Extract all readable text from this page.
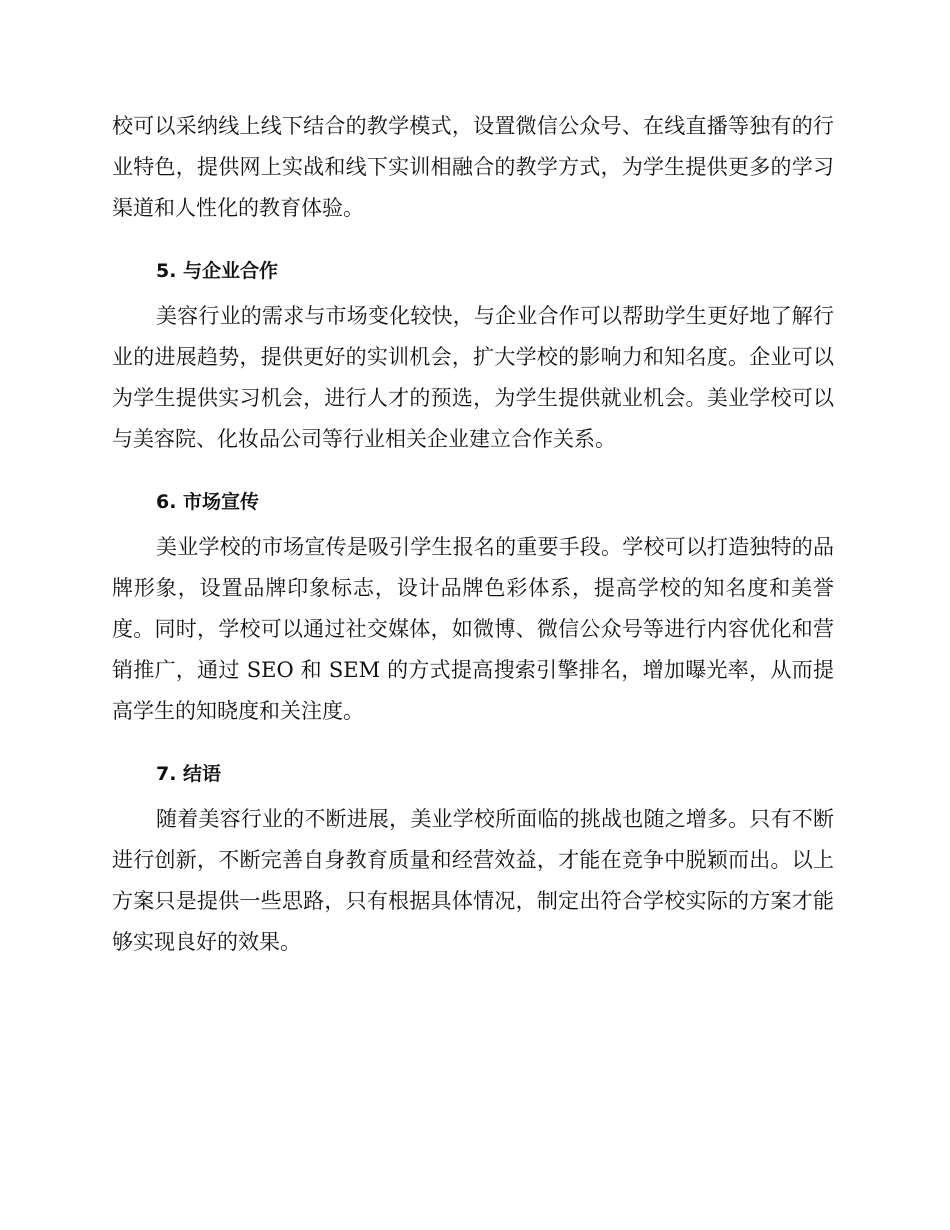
校可以采纳线上线下结合的教学模式，设置微信公众号、在线直播等独有的行业特色，提供网上实战和线下实训相融合的教学方式，为学生提供更多的学习渠道和人性化的教育体验。

5. 与企业合作

美容行业的需求与市场变化较快，与企业合作可以帮助学生更好地了解行业的进展趋势，提供更好的实训机会，扩大学校的影响力和知名度。企业可以为学生提供实习机会，进行人才的预选，为学生提供就业机会。美业学校可以与美容院、化妆品公司等行业相关企业建立合作关系。

6. 市场宣传

美业学校的市场宣传是吸引学生报名的重要手段。学校可以打造独特的品牌形象，设置品牌印象标志，设计品牌色彩体系，提高学校的知名度和美誉度。同时，学校可以通过社交媒体，如微博、微信公众号等进行内容优化和营销推广，通过 SEO 和 SEM 的方式提高搜索引擎排名，增加曝光率，从而提高学生的知晓度和关注度。

7. 结语

随着美容行业的不断进展，美业学校所面临的挑战也随之增多。只有不断进行创新，不断完善自身教育质量和经营效益，才能在竞争中脱颖而出。以上方案只是提供一些思路，只有根据具体情况，制定出符合学校实际的方案才能够实现良好的效果。
